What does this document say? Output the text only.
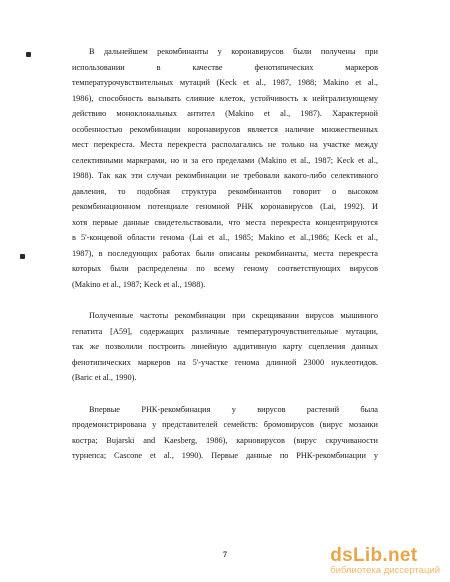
В дальнейшем рекомбинанты у коронавирусов были получены при
использовании в качестве фенотипических маркеров
температурочувствительных мутаций (Keck et al., 1987, 1988; Makino et al.,
1986), способность вызывать слияние клеток, устойчивость к нейтрализующему
действию моноклональных антител (Makino et al., 1987). Характерной
особенностью рекомбинации коронавирусов является наличие множественных
мест перекреста. Места перекреста располагались не только на участке между
селективными маркерами, но и за его пределами (Makino et al., 1987; Keck et al.,
1988). Так как эти случаи рекомбинации не требовали какого-либо селективного
давления, то подобная структура рекомбинантов говорит о высоком
рекомбинационном потенциале геномной РНК коронавирусов (Lai, 1992). И
хотя первые данные свидетельствовали, что места перекреста концентрируются
в 5'-концевой области генома (Lai et al., 1985; Makino et al.,1986; Keck et al.,
1987), в последующих работах были описаны рекомбинанты, места перекреста
которых были распределены по всему геному соответствующих вирусов
(Makino et al., 1987; Keck et al., 1988).
Полученные частоты рекомбинации при скрещивании вирусов мышиного
гепатита [А59], содержащих различные температурочувствительные мутации,
так же позволили построить линейную аддитивную карту сцепления данных
фенотипических маркеров на 5'-участке генома длинной 23000 нуклеотидов.
(Baric et al., 1990).
Впервые РНК-рекомбинация у вирусов растений была
продемонстрирована у представителей семейств: бромовирусов (вирус мозаики
костра; Bujarski and Kaesberg, 1986), карновирусов (вирус скручиваности
турнепса; Cascone et al., 1990). Первые данные по РНК-рекомбинации у
7	dsLib.net
библиотека диссертаций
